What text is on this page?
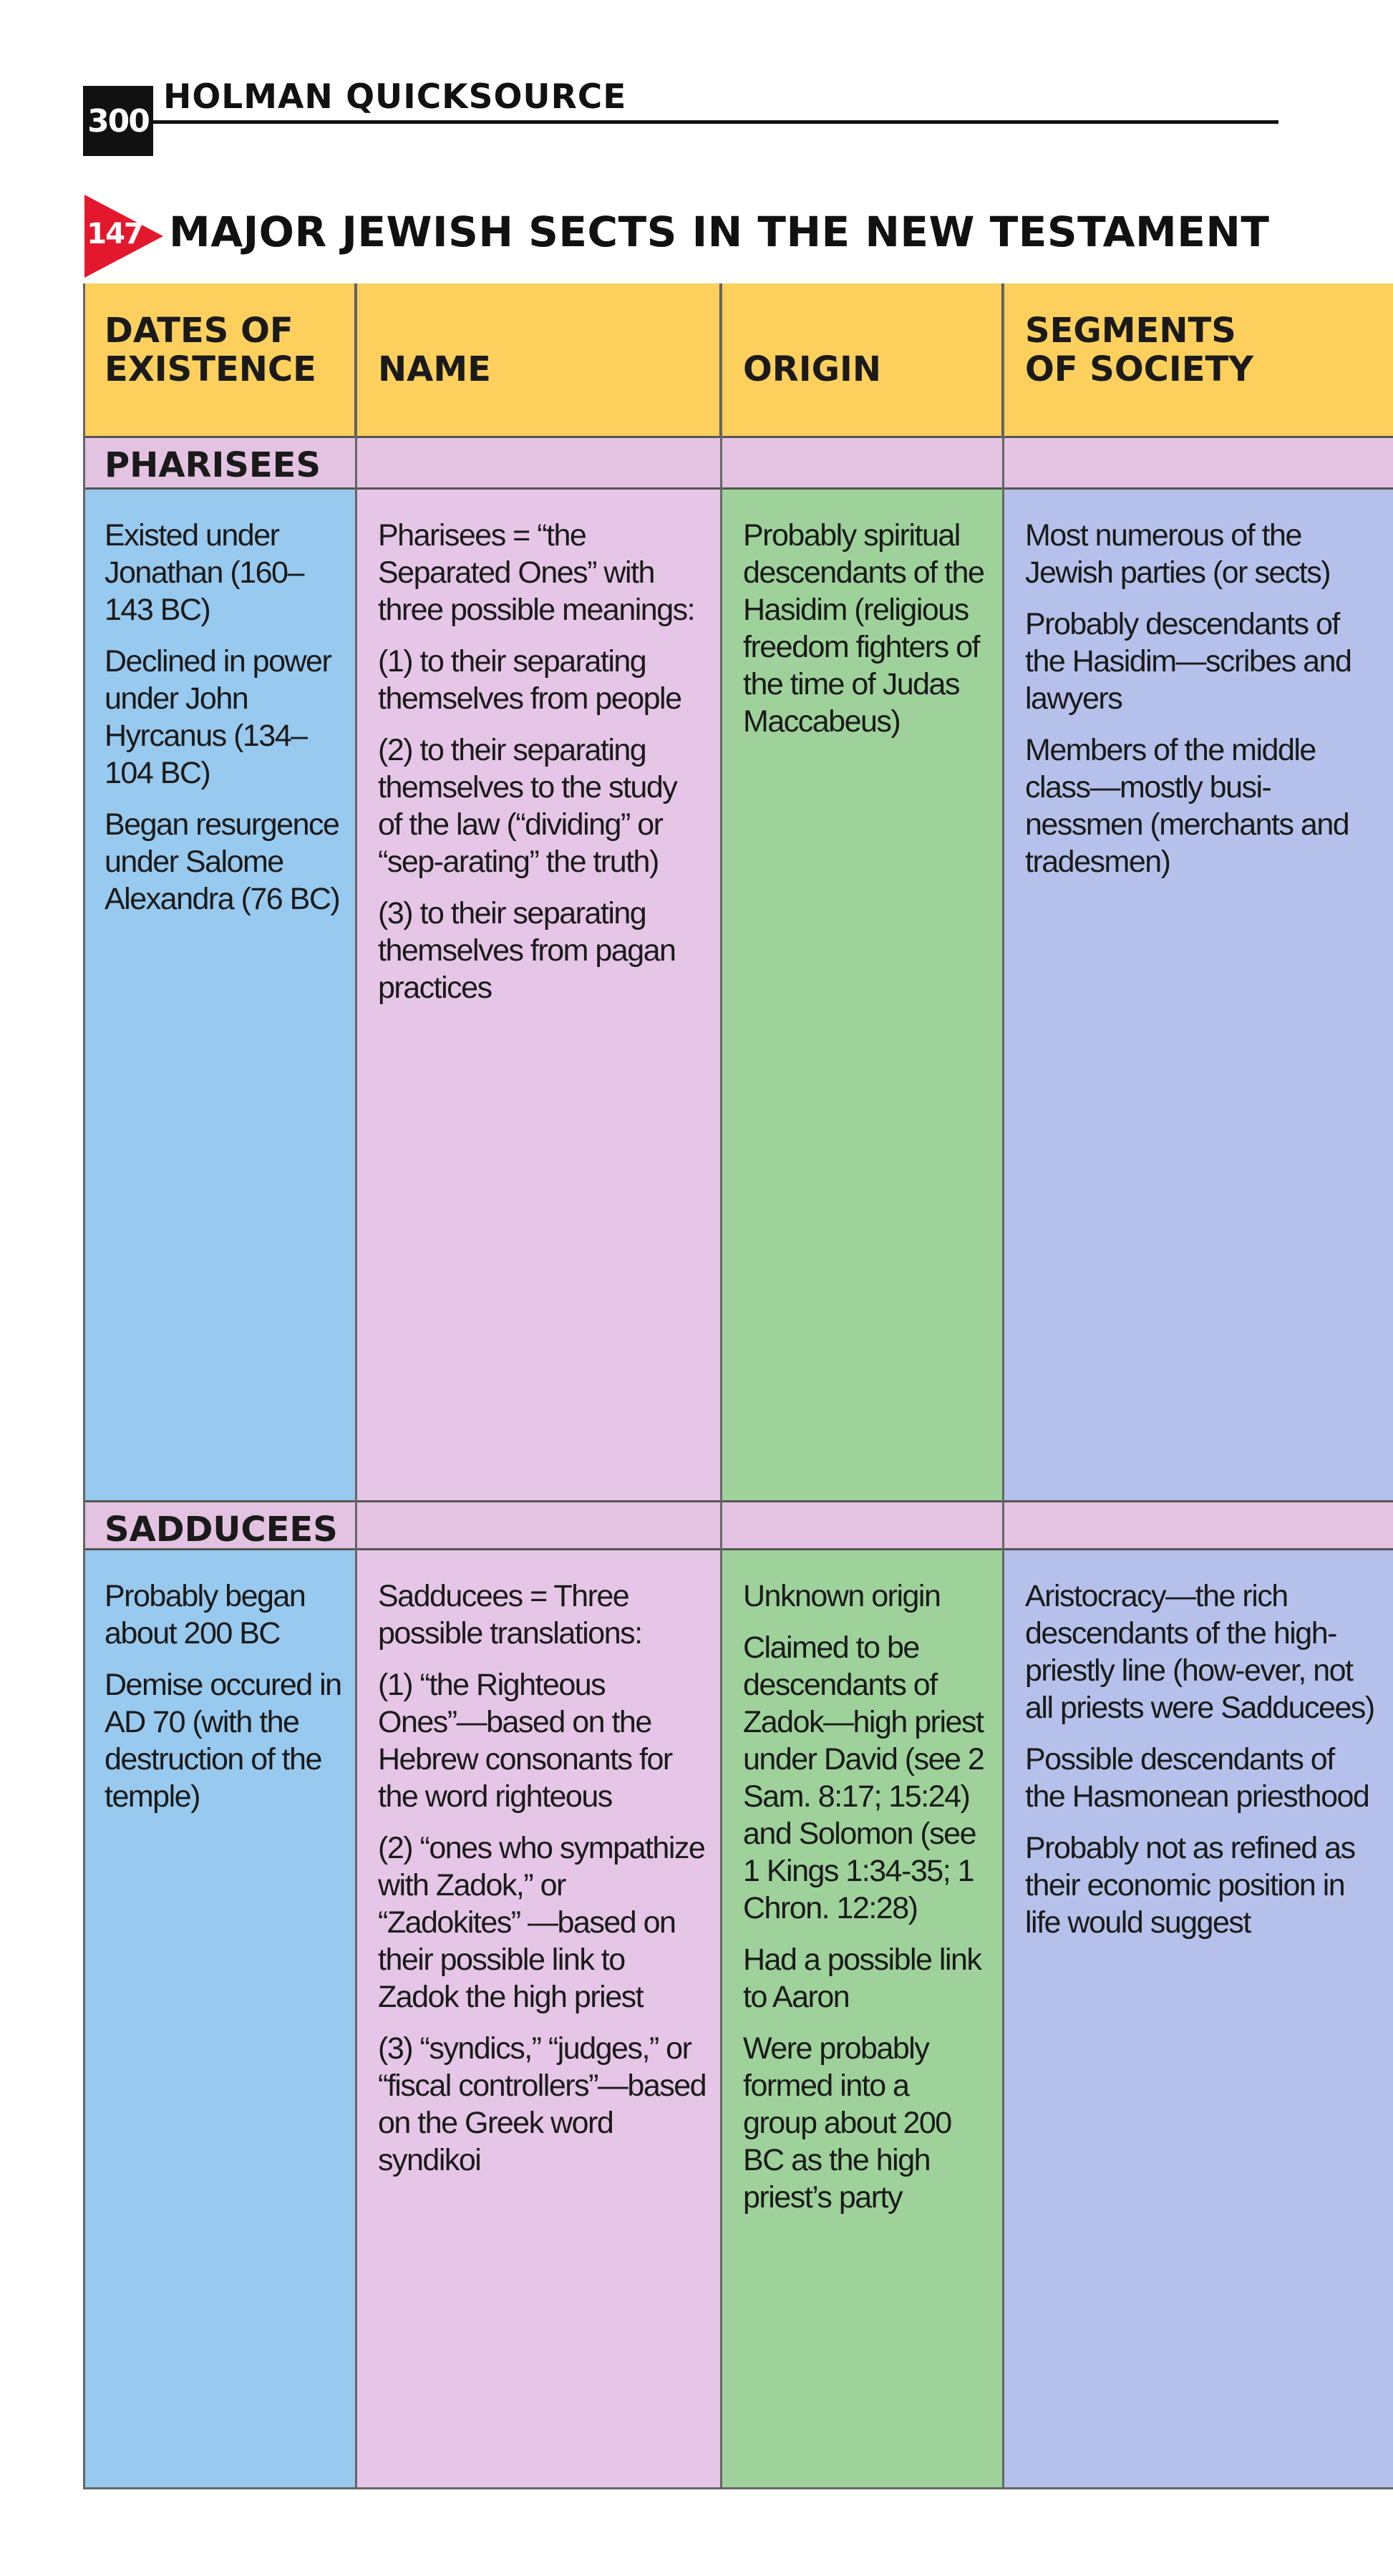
300
HOLMAN QUICKSOURCE
147 MAJOR JEWISH SECTS IN THE NEW TESTAMENT
DATES OF
EXISTENCE NAME	ORIGIN
SEGMENTS
OF SOCIETY
PHARISEES

Existed under Jonathan (160–143 BC)

Declined in power under John Hyrcanus (134–104 BC)

Began resurgence under Salome Alexandra (76 BC)

Pharisees = “the Separated Ones” with three possible meanings:

(1) to their separating themselves from people

(2) to their separating themselves to the study of the law (“dividing” or “sep-arating” the truth)

(3) to their separating themselves from pagan practices

Probably spiritual descendants of the Hasidim (religious freedom fighters of the time of Judas Maccabeus)

Most numerous of the Jewish parties (or sects)

Probably descendants of the Hasidim—scribes and lawyers

Members of the middle class—mostly busi-nessmen (merchants and tradesmen)

SADDUCEES

Probably began about 200 BC

Demise occured in AD 70 (with the destruction of the temple)

Sadducees = Three possible translations:

(1) “the Righteous Ones”—based on the Hebrew consonants for the word righteous

(2) “ones who sympathize with Zadok,” or “Zadokites” —based on their possible link to Zadok the high priest

(3) “syndics,” “judges,” or “fiscal controllers”—based on the Greek word syndikoi

Unknown origin

Claimed to be descendants of Zadok—high priest under David (see 2 Sam. 8:17; 15:24) and Solomon (see 1 Kings 1:34-35; 1 Chron. 12:28)

Had a possible link to Aaron

Were probably formed into a group about 200 BC as the high priest’s party

Aristocracy—the rich descendants of the high-priestly line (how-ever, not all priests were Sadducees)

Possible descendants of the Hasmonean priesthood

Probably not as refined as their economic position in life would suggest
